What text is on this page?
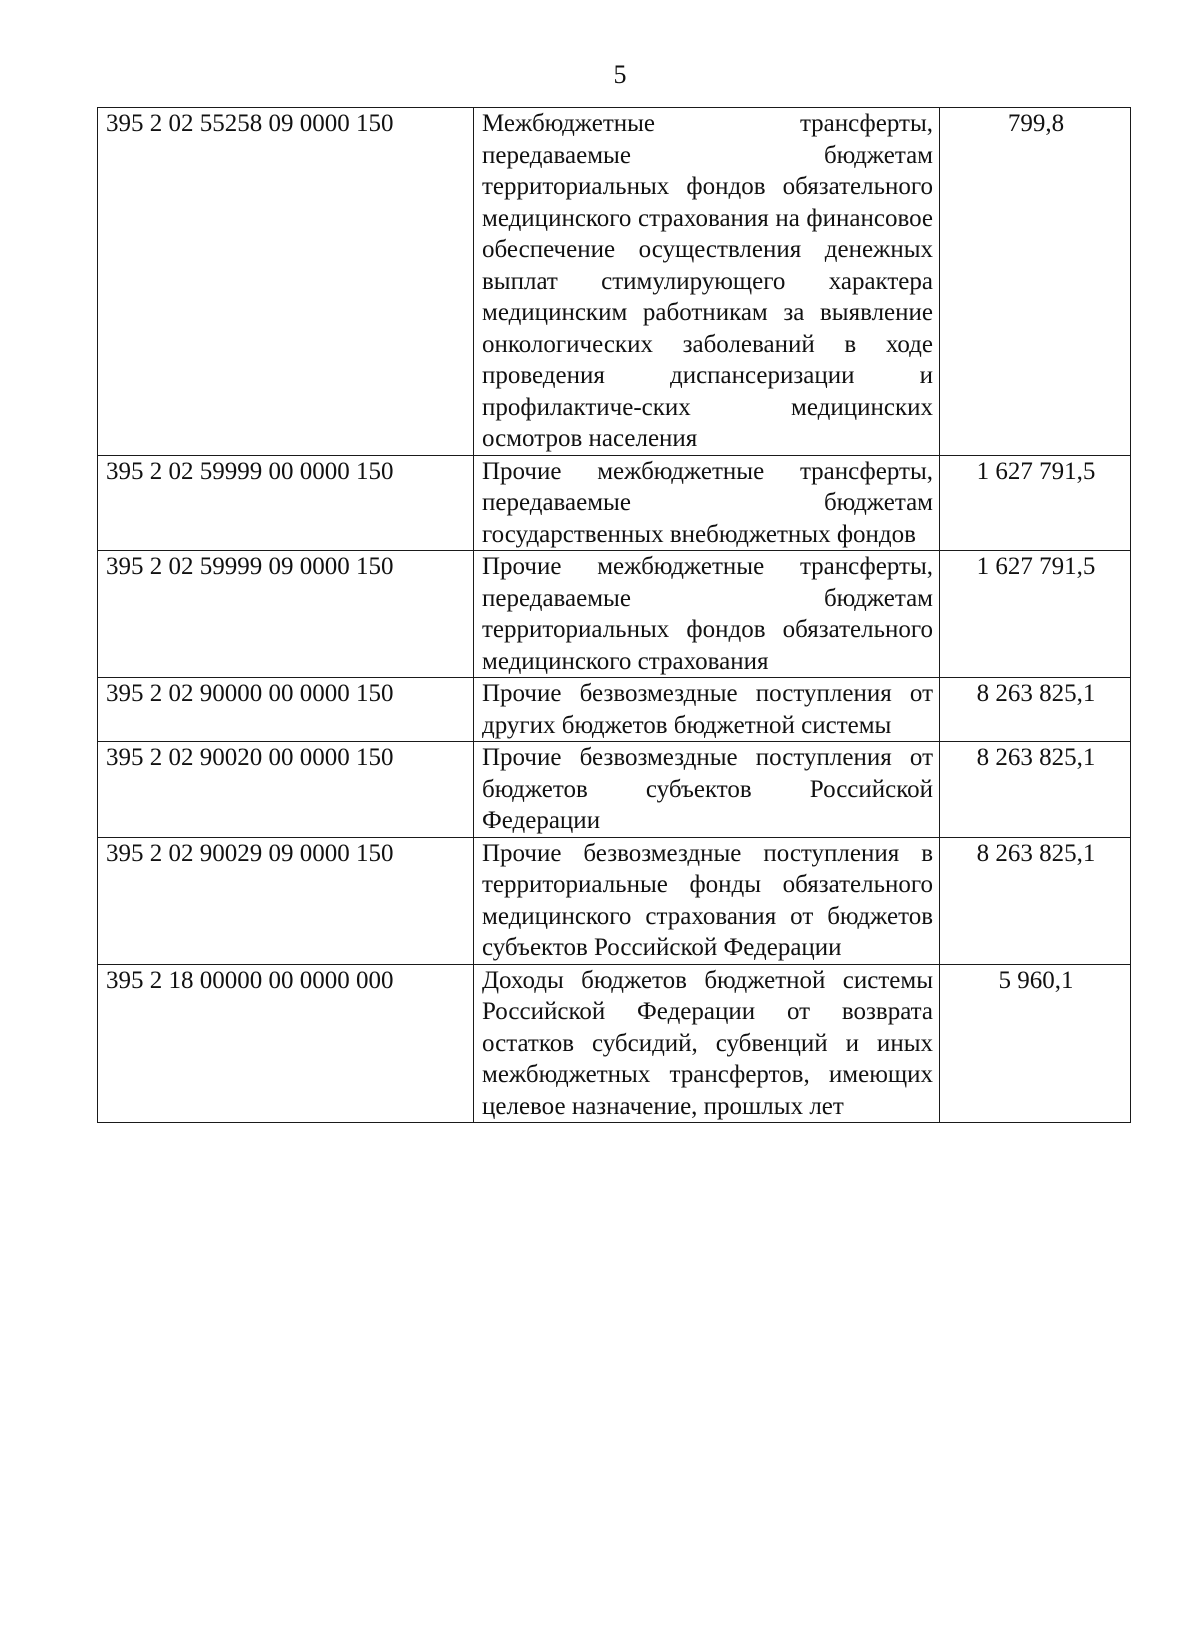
5
395 2 02 55258 09 0000 150	Межбюджетные трансферты, передаваемые бюджетам территориальных фондов обязательного медицинского страхования на финансовое обеспечение осуществления денежных выплат стимулирующего характера медицинским работникам за выявление онкологических заболеваний в ходе проведения диспансеризации и профилактиче-ских медицинских осмотров населения	799,8
395 2 02 59999 00 0000 150	Прочие межбюджетные трансферты, передаваемые бюджетам государственных внебюджетных фондов	1 627 791,5
395 2 02 59999 09 0000 150	Прочие межбюджетные трансферты, передаваемые бюджетам территориальных фондов обязательного медицинского страхования	1 627 791,5
395 2 02 90000 00 0000 150	Прочие безвозмездные поступления от других бюджетов бюджетной системы	8 263 825,1
395 2 02 90020 00 0000 150	Прочие безвозмездные поступления от бюджетов субъектов Российской Федерации	8 263 825,1
395 2 02 90029 09 0000 150	Прочие безвозмездные поступления в территориальные фонды обязательного медицинского страхования от бюджетов субъектов Российской Федерации	8 263 825,1
395 2 18 00000 00 0000 000	Доходы бюджетов бюджетной системы Российской Федерации от возврата остатков субсидий, субвенций и иных межбюджетных трансфертов, имеющих целевое назначение, прошлых лет	5 960,1
